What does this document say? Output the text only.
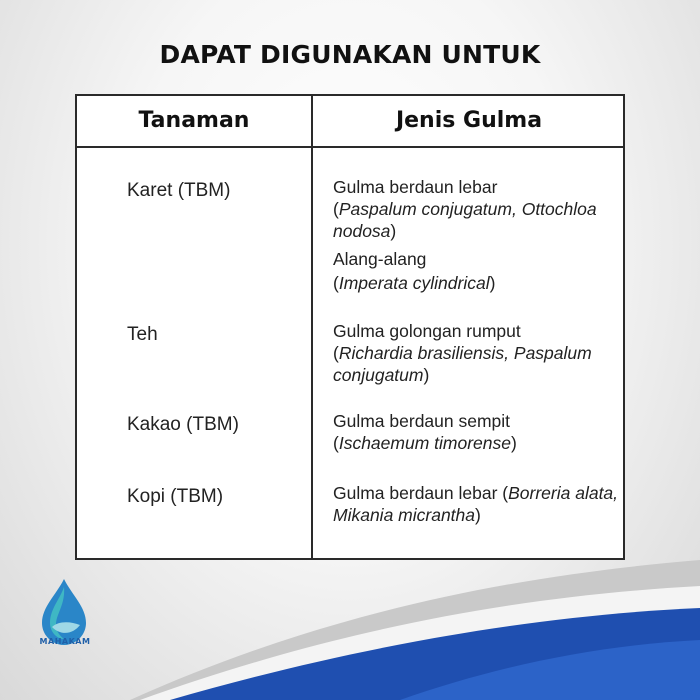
DAPAT DIGUNAKAN UNTUK
Tanaman	Jenis Gulma
Karet (TBM)	Gulma berdaun lebar
(Paspalum conjugatum, Ottochloa nodosa)
Alang-alang
(Imperata cylindrical)
Teh	Gulma golongan rumput
(Richardia brasiliensis, Paspalum conjugatum)
Kakao (TBM)	Gulma berdaun sempit
(Ischaemum timorense)
Kopi (TBM)	Gulma berdaun lebar (Borreria alata, Mikania micrantha)
MAHAKAM
